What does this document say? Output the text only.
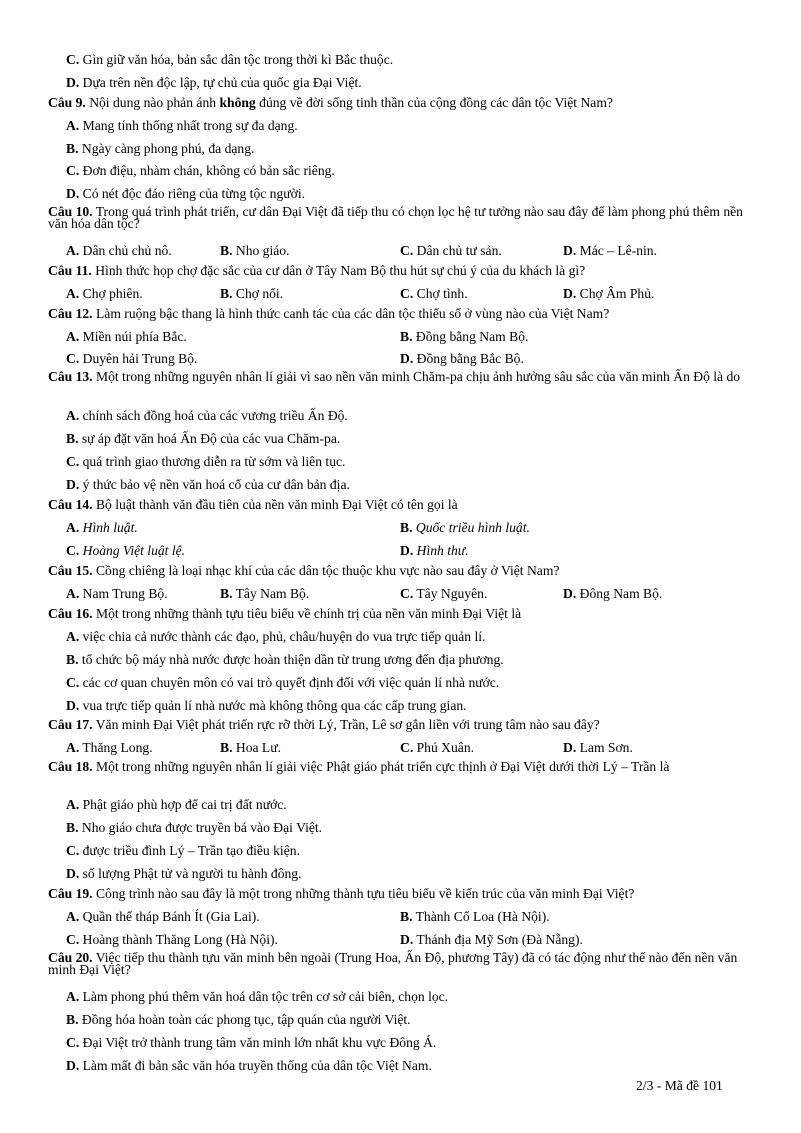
C. Gìn giữ văn hóa, bản sắc dân tộc trong thời kì Bắc thuộc.
D. Dựa trên nền độc lập, tự chủ của quốc gia Đại Việt.
Câu 9. Nội dung nào phản ánh không đúng về đời sống tinh thần của cộng đồng các dân tộc Việt Nam?
A. Mang tính thống nhất trong sự đa dạng.
B. Ngày càng phong phú, đa dạng.
C. Đơn điệu, nhàm chán, không có bản sắc riêng.
D. Có nét độc đáo riêng của từng tộc người.
Câu 10. Trong quá trình phát triển, cư dân Đại Việt đã tiếp thu có chọn lọc hệ tư tưởng nào sau đây để làm phong phú thêm nền văn hóa dân tộc?
A. Dân chủ chủ nô.	B. Nho giáo.	C. Dân chủ tư sản.	D. Mác – Lê-nin.
Câu 11. Hình thức họp chợ đặc sắc của cư dân ở Tây Nam Bộ thu hút sự chú ý của du khách là gì?
A. Chợ phiên.	B. Chợ nổi.	C. Chợ tình.	D. Chợ Âm Phủ.
Câu 12. Làm ruộng bậc thang là hình thức canh tác của các dân tộc thiểu số ở vùng nào của Việt Nam?
A. Miền núi phía Bắc.	B. Đồng bằng Nam Bộ.
C. Duyên hải Trung Bộ.	D. Đồng bằng Bắc Bộ.
Câu 13. Một trong những nguyên nhân lí giải vì sao nền văn minh Chăm-pa chịu ảnh hưởng sâu sắc của văn minh Ấn Độ là do
A. chính sách đồng hoá của các vương triều Ấn Độ.
B. sự áp đặt văn hoá Ấn Độ của các vua Chăm-pa.
C. quá trình giao thương diễn ra từ sớm và liên tục.
D. ý thức bảo vệ nền văn hoá cổ của cư dân bản địa.
Câu 14. Bộ luật thành văn đầu tiên của nền văn minh Đại Việt có tên gọi là
A. Hình luật.	B. Quốc triều hình luật.
C. Hoàng Việt luật lệ.	D. Hình thư.
Câu 15. Cồng chiêng là loại nhạc khí của các dân tộc thuộc khu vực nào sau đây ở Việt Nam?
A. Nam Trung Bộ.	B. Tây Nam Bộ.	C. Tây Nguyên.	D. Đông Nam Bộ.
Câu 16. Một trong những thành tựu tiêu biểu về chính trị của nền văn minh Đại Việt là
A. việc chia cả nước thành các đạo, phủ, châu/huyện do vua trực tiếp quản lí.
B. tổ chức bộ máy nhà nước được hoàn thiện dần từ trung ương đến địa phương.
C. các cơ quan chuyên môn có vai trò quyết định đối với việc quản lí nhà nước.
D. vua trực tiếp quản lí nhà nước mà không thông qua các cấp trung gian.
Câu 17. Văn minh Đại Việt phát triển rực rỡ thời Lý, Trần, Lê sơ gắn liền với trung tâm nào sau đây?
A. Thăng Long.	B. Hoa Lư.	C. Phú Xuân.	D. Lam Sơn.
Câu 18. Một trong những nguyên nhân lí giải việc Phật giáo phát triển cực thịnh ở Đại Việt dưới thời Lý – Trần là
A. Phật giáo phù hợp để cai trị đất nước.
B. Nho giáo chưa được truyền bá vào Đại Việt.
C. được triều đình Lý – Trần tạo điều kiện.
D. số lượng Phật tử và người tu hành đông.
Câu 19. Công trình nào sau đây là một trong những thành tựu tiêu biểu về kiến trúc của văn minh Đại Việt?
A. Quần thể tháp Bánh Ít (Gia Lai).	B. Thành Cổ Loa (Hà Nội).
C. Hoàng thành Thăng Long (Hà Nội).	D. Thánh địa Mỹ Sơn (Đà Nẵng).
Câu 20. Việc tiếp thu thành tựu văn minh bên ngoài (Trung Hoa, Ấn Độ, phương Tây) đã có tác động như thế nào đến nền văn minh Đại Việt?
A. Làm phong phú thêm văn hoá dân tộc trên cơ sở cải biên, chọn lọc.
B. Đồng hóa hoàn toàn các phong tục, tập quán của người Việt.
C. Đại Việt trở thành trung tâm văn minh lớn nhất khu vực Đông Á.
D. Làm mất đi bản sắc văn hóa truyền thống của dân tộc Việt Nam.
2/3 - Mã đề 101
